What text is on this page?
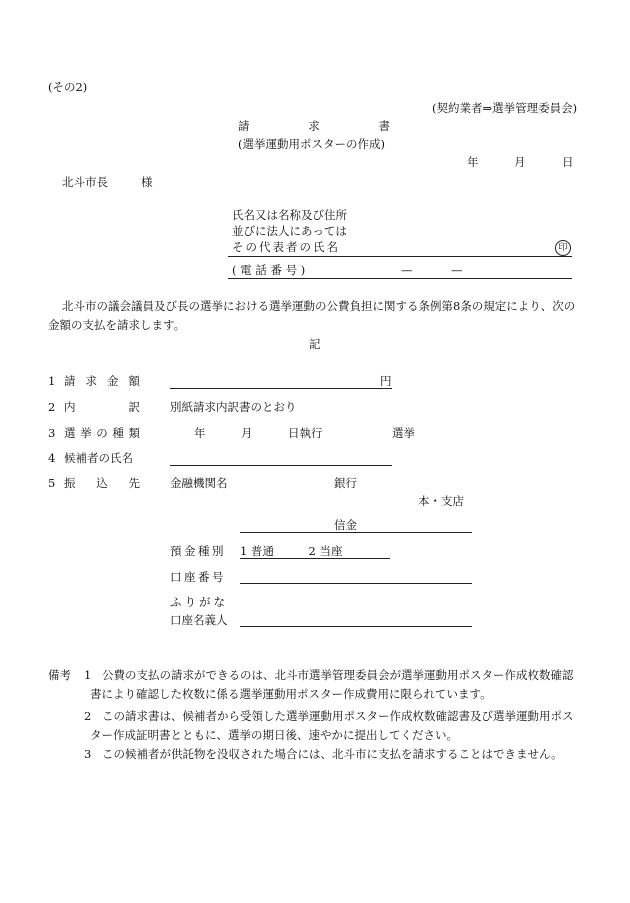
(その2)
(契約業者⇒選挙管理委員会)
請	求	書
(選挙運動用ポスターの作成)
年	月	日
北斗市長	様
氏名又は名称及び住所
並びに法人にあっては
その代表者の氏名	印
( 電 話 番 号 )	—	—
北斗市の議会議員及び長の選挙における選挙運動の公費負担に関する条例第8条の規定により、次の
金額の支払を請求します。
記
1 請 求 金 額	円
2 内	訳	別紙請求内訳書のとおり
3 選 挙 の 種 類	年	月	日執行	選挙
4 候補者の氏名
5 振 込 先	金融機関名	銀行
本・支店
信金
預金種別 1 普通　　　2 当座
口座番号
ふりがな
口座名義人
備考 1 公費の支払の請求ができるのは、北斗市選挙管理委員会が選挙運動用ポスター作成枚数確認
書により確認した枚数に係る選挙運動用ポスター作成費用に限られています。
2 この請求書は、候補者から受領した選挙運動用ポスター作成枚数確認書及び選挙運動用ポス
ター作成証明書とともに、選挙の期日後、速やかに提出してください。
3 この候補者が供託物を没収された場合には、北斗市に支払を請求することはできません。
